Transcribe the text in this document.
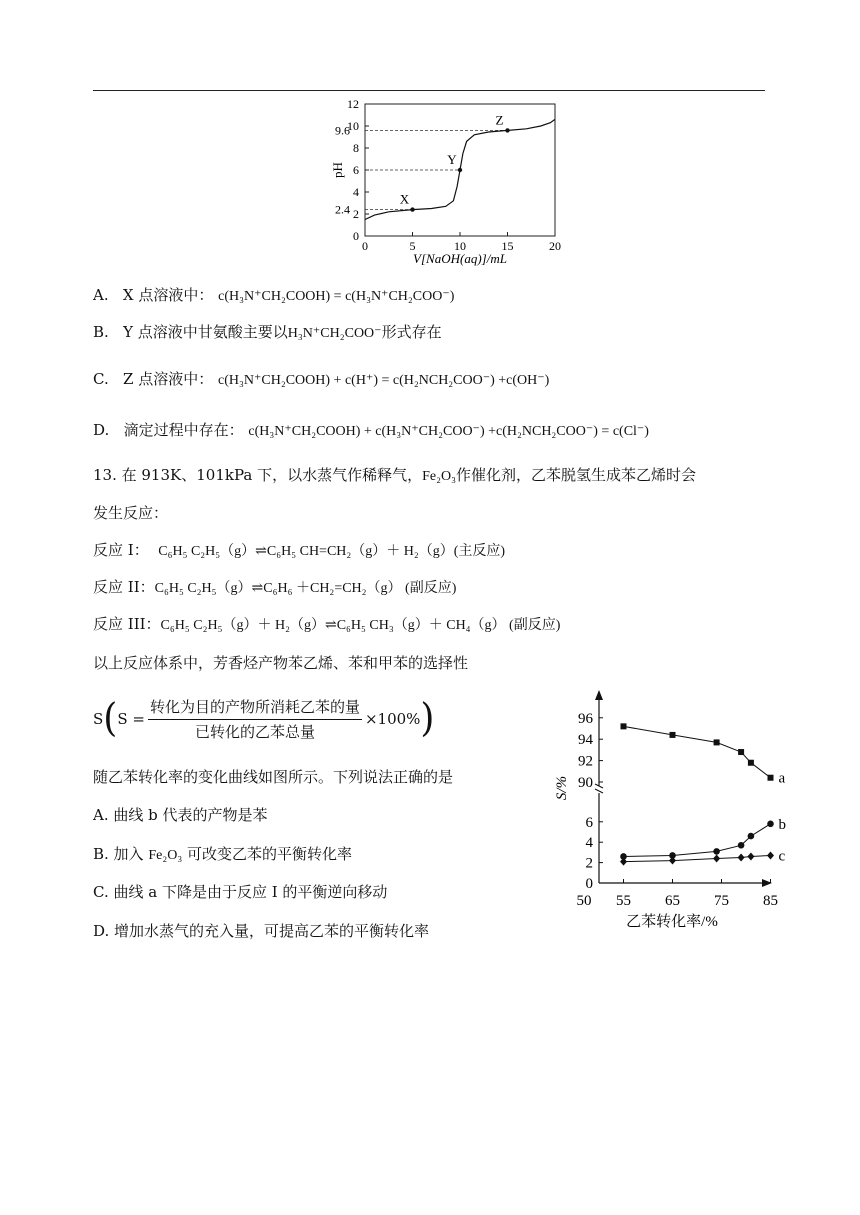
0
2
4
6
8
10
12
2.4
9.6
0	5	10	15	20
X
Y
Z
pH
V[NaOH(aq)]/mL
A. X 点溶液中： c(H₃N⁺CH₂COOH) = c(H₃N⁺CH₂COO⁻)
B. Y 点溶液中甘氨酸主要以H₃N⁺CH₂COO⁻形式存在
C. Z 点溶液中： c(H₃N⁺CH₂COOH) + c(H⁺) = c(H₂NCH₂COO⁻) +c(OH⁻)
D. 滴定过程中存在： c(H₃N⁺CH₂COOH) + c(H₃N⁺CH₂COO⁻) +c(H₂NCH₂COO⁻) = c(Cl⁻)
13. 在 913K、101kPa 下，以水蒸气作稀释气，Fe₂O₃作催化剂，乙苯脱氢生成苯乙烯时会
发生反应：
反应 I： C₆H₅ C₂H₅（g）⇌C₆H₅ CH=CH₂（g）＋ H₂（g）(主反应)
反应 II：C₆H₅ C₂H₅（g）⇌C₆H₆ ＋CH₂=CH₂（g） (副反应)
反应 III：C₆H₅ C₂H₅（g）＋ H₂（g）⇌C₆H₅ CH₃（g）＋ CH₄（g） (副反应)
以上反应体系中，芳香烃产物苯乙烯、苯和甲苯的选择性
S ( $S = \frac{\text{转化为目的产物所消耗乙苯的量}}{\text{已转化的乙苯总量}} \times 100\%$ )
随乙苯转化率的变化曲线如图所示。下列说法正确的是
A. 曲线 b 代表的产物是苯
B. 加入 Fe₂O₃ 可改变乙苯的平衡转化率
C. 曲线 a 下降是由于反应 I 的平衡逆向移动
D. 增加水蒸气的充入量，可提高乙苯的平衡转化率
90
92
94
96
0
2
4
6
50 55 65 75 85
a
b
c
S/%
乙苯转化率/%
